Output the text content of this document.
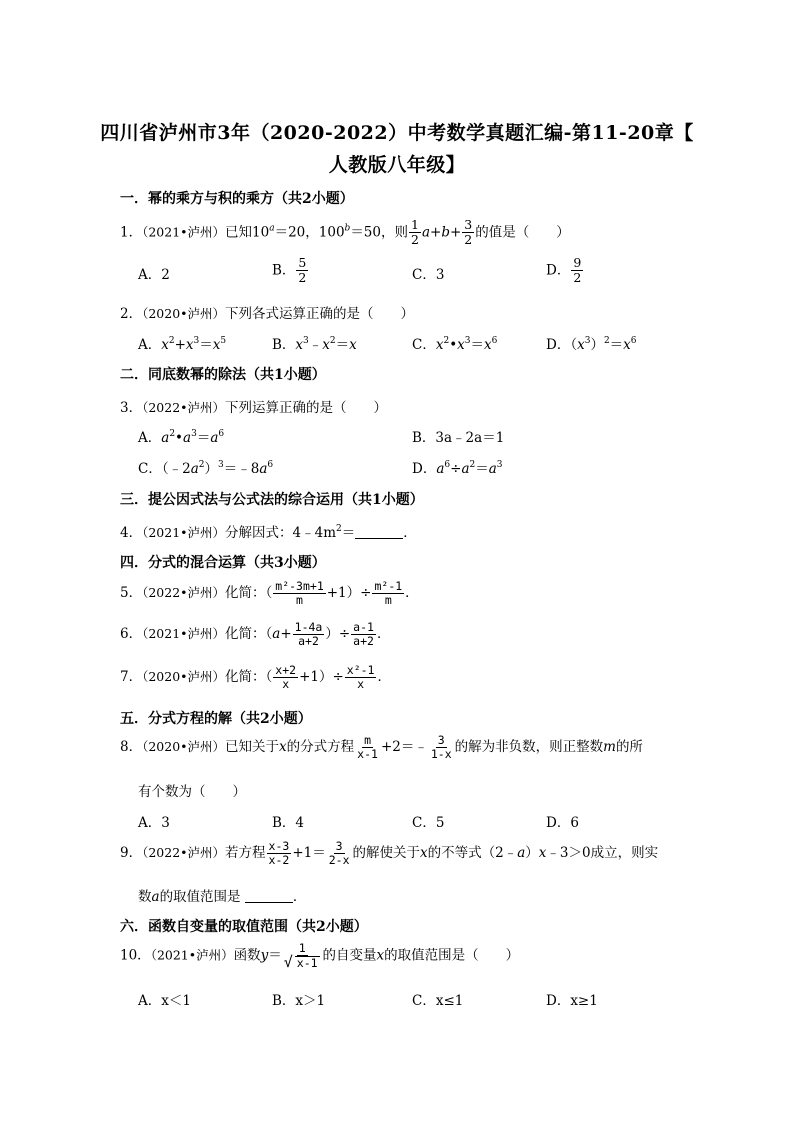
四川省泸州市3年（2020-2022）中考数学真题汇编-第11-20章【
人教版八年级】
一．幂的乘方与积的乘方（共2小题）
1．（2021•泸州）已知$10^a=20$，$100^b=50$，则 $\frac{1}{2} a+b+ \frac{3}{2}$ 的值是（　　）
A．2	B． $\frac{5}{2}$	C．3	D． $\frac{9}{2}$
2．（2020•泸州）下列各式运算正确的是（　　）
A．$x^2+x^3=x^5$	B．$x^3﹣x^2=x$	C．$x^2•x^3=x^6$	D．$(x^3)^2=x^6$
二．同底数幂的除法（共1小题）
3．（2022•泸州）下列运算正确的是（　　）
A．$a^2•a^3=a^6$	B．3a﹣2a＝1
C．$(﹣2a^2)^3=﹣8a^6$	D．$a^6\div a^2=a^3$
三．提公因式法与公式法的综合运用（共1小题）
4．（2021•泸州）分解因式：$4﹣4m^2=$	．
四．分式的混合运算（共3小题）
5．（2022•泸州）化简：（ $\frac{\text{m²-3m+1}}{m} +1)\div \frac{\text{m²-1}}{m}$ ．
6．（2021•泸州）化简：（$a+ \frac{1-4a}{a+2}$ ）÷ $\frac{a-1}{a+2}$ ．
7．（2020•泸州）化简：（ $\frac{x+2}{x} +1)\div \frac{\text{x²-1}}{x}$ ．
五．分式方程的解（共2小题）
8．（2020•泸州）已知关于x的分式方程 $\frac{m}{x-1}$ +2＝﹣ $\frac{3}{1-x}$ 的解为非负数，则正整数m的所
有个数为（　　）
A．3	B．4	C．5	D．6
9．（2022•泸州）若方程 $\frac{x-3}{x-2} +1= \frac{3}{2-x}$ 的解使关于x的不等式（2﹣a）x﹣3＞0成立，则实
数a的取值范围是	．
六．函数自变量的取值范围（共2小题）
10．（2021•泸州）函数y＝ 1
√ x-1 的自变量x的取值范围是（　　）
A．x＜1	B．x＞1	C．x≤1	D．x≥1
